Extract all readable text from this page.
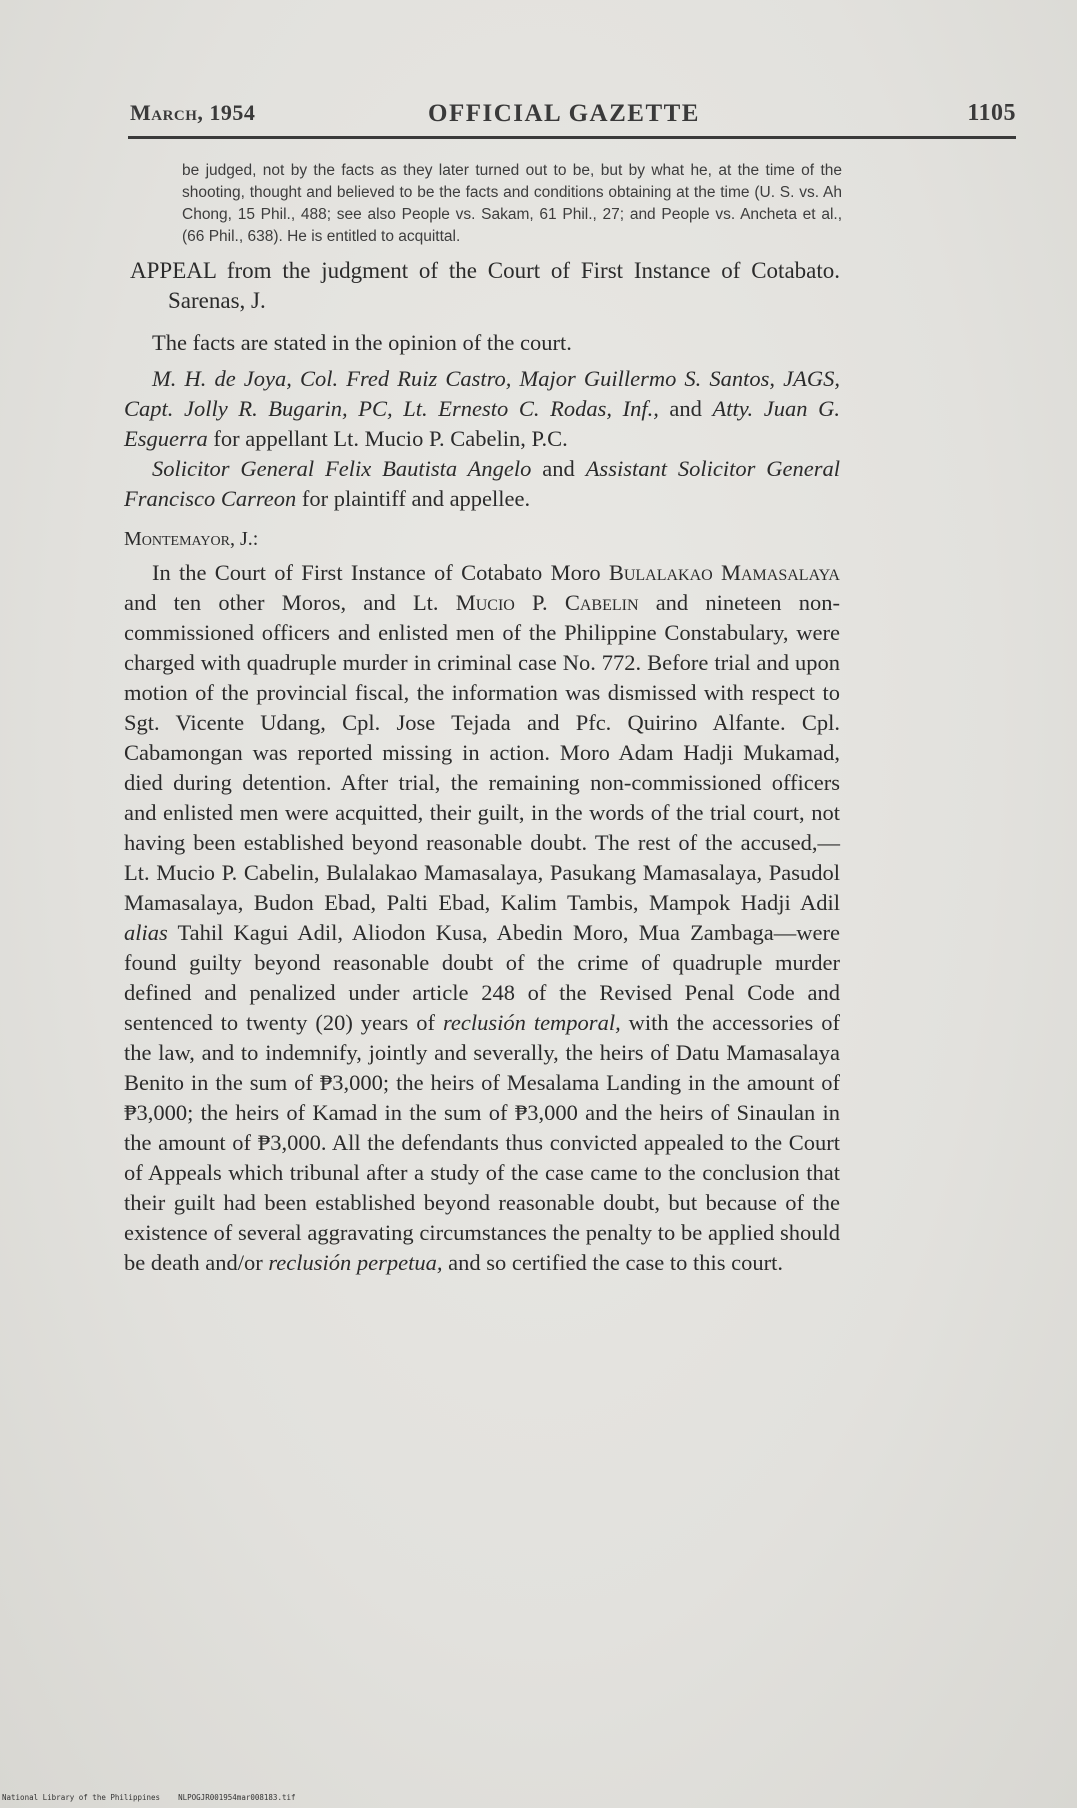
March, 1954	OFFICIAL GAZETTE	1105

be judged, not by the facts as they later turned out to be, but by what he, at the time of the shooting, thought and believed to be the facts and conditions obtaining at the time (U. S. vs. Ah Chong, 15 Phil., 488; see also People vs. Sakam, 61 Phil., 27; and People vs. Ancheta et al., (66 Phil., 638). He is entitled to acquittal.

APPEAL from the judgment of the Court of First Instance of Cotabato. Sarenas, J.

The facts are stated in the opinion of the court.

M. H. de Joya, Col. Fred Ruiz Castro, Major Guillermo S. Santos, JAGS, Capt. Jolly R. Bugarin, PC, Lt. Ernesto C. Rodas, Inf., and Atty. Juan G. Esguerra for appellant Lt. Mucio P. Cabelin, P.C.

Solicitor General Felix Bautista Angelo and Assistant Solicitor General Francisco Carreon for plaintiff and appellee.

Montemayor, J.:

In the Court of First Instance of Cotabato Moro Bulalakao Mamasalaya and ten other Moros, and Lt. Mucio P. Cabelin and nineteen non-commissioned officers and enlisted men of the Philippine Constabulary, were charged with quadruple murder in criminal case No. 772. Before trial and upon motion of the provincial fiscal, the information was dismissed with respect to Sgt. Vicente Udang, Cpl. Jose Tejada and Pfc. Quirino Alfante. Cpl. Cabamongan was reported missing in action. Moro Adam Hadji Mukamad, died during detention. After trial, the remaining non-commissioned officers and enlisted men were acquitted, their guilt, in the words of the trial court, not having been established beyond reasonable doubt. The rest of the accused,—Lt. Mucio P. Cabelin, Bulalakao Mamasalaya, Pasukang Mamasalaya, Pasudol Mamasalaya, Budon Ebad, Palti Ebad, Kalim Tambis, Mampok Hadji Adil alias Tahil Kagui Adil, Aliodon Kusa, Abedin Moro, Mua Zambaga—were found guilty beyond reasonable doubt of the crime of quadruple murder defined and penalized under article 248 of the Revised Penal Code and sentenced to twenty (20) years of reclusión temporal, with the accessories of the law, and to indemnify, jointly and severally, the heirs of Datu Mamasalaya Benito in the sum of ₱3,000; the heirs of Mesalama Landing in the amount of ₱3,000; the heirs of Kamad in the sum of ₱3,000 and the heirs of Sinaulan in the amount of ₱3,000. All the defendants thus convicted appealed to the Court of Appeals which tribunal after a study of the case came to the conclusion that their guilt had been established beyond reasonable doubt, but because of the existence of several aggravating circumstances the penalty to be applied should be death and/or reclusión perpetua, and so certified the case to this court.

National Library of the Philippines    NLPOGJR001954mar008183.tif
